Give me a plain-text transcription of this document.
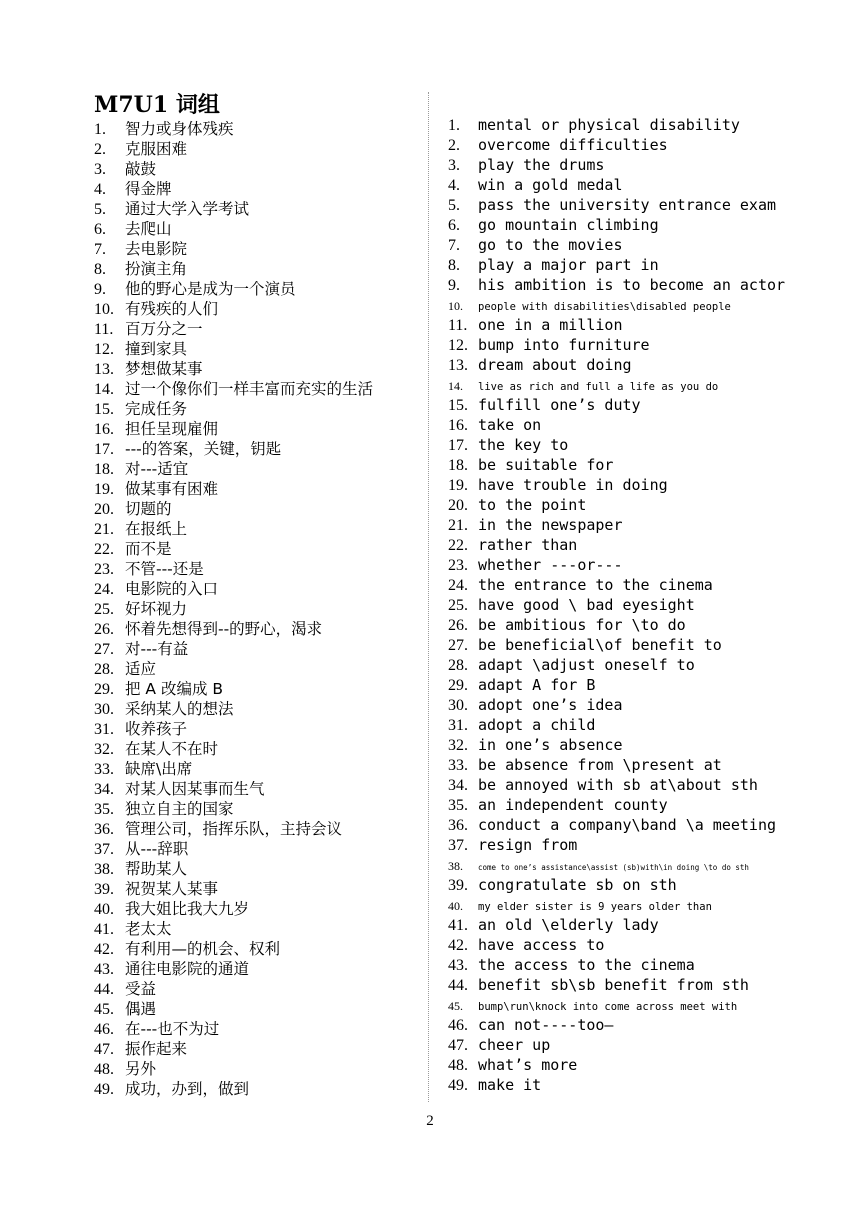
M7U1 词组
1. 智力或身体残疾
2. 克服困难
3. 敲鼓
4. 得金牌
5. 通过大学入学考试
6. 去爬山
7. 去电影院
8. 扮演主角
9. 他的野心是成为一个演员
10. 有残疾的人们
11. 百万分之一
12. 撞到家具
13. 梦想做某事
14. 过一个像你们一样丰富而充实的生活
15. 完成任务
16. 担任呈现雇佣
17. ---的答案，关键，钥匙
18. 对---适宜
19. 做某事有困难
20. 切题的
21. 在报纸上
22. 而不是
23. 不管---还是
24. 电影院的入口
25. 好坏视力
26. 怀着先想得到--的野心，渴求
27. 对---有益
28. 适应
29. 把 A 改编成 B
30. 采纳某人的想法
31. 收养孩子
32. 在某人不在时
33. 缺席\出席
34. 对某人因某事而生气
35. 独立自主的国家
36. 管理公司，指挥乐队，主持会议
37. 从---辞职
38. 帮助某人
39. 祝贺某人某事
40. 我大姐比我大九岁
41. 老太太
42. 有利用—的机会、权利
43. 通往电影院的通道
44. 受益
45. 偶遇
46. 在---也不为过
47. 振作起来
48. 另外
49. 成功，办到，做到
1. mental or physical disability
2. overcome difficulties
3. play the drums
4. win a gold medal
5. pass the university entrance exam
6. go mountain climbing
7. go to the movies
8. play a major part in
9. his ambition is to become an actor
10. people with disabilities\disabled people
11. one in a million
12. bump into furniture
13. dream about doing
14. live as rich and full a life as you do
15. fulfill one’s duty
16. take on
17. the key to
18. be suitable for
19. have trouble in doing
20. to the point
21. in the newspaper
22. rather than
23. whether ---or---
24. the entrance to the cinema
25. have good \ bad eyesight
26. be ambitious for \to do
27. be beneficial\of benefit to
28. adapt \adjust oneself to
29. adapt A for B
30. adopt one’s idea
31. adopt a child
32. in one’s absence
33. be absence from \present at
34. be annoyed with sb at\about sth
35. an independent county
36. conduct a company\band \a meeting
37. resign from
38. come to one’s assistance\assist (sb)with\in doing \to do sth
39. congratulate sb on sth
40. my elder sister is 9 years older than
41. an old \elderly lady
42. have access to
43. the access to the cinema
44. benefit sb\sb benefit from sth
45. bump\run\knock into come across meet with
46. can not----too—
47. cheer up
48. what’s more
49. make it
2
